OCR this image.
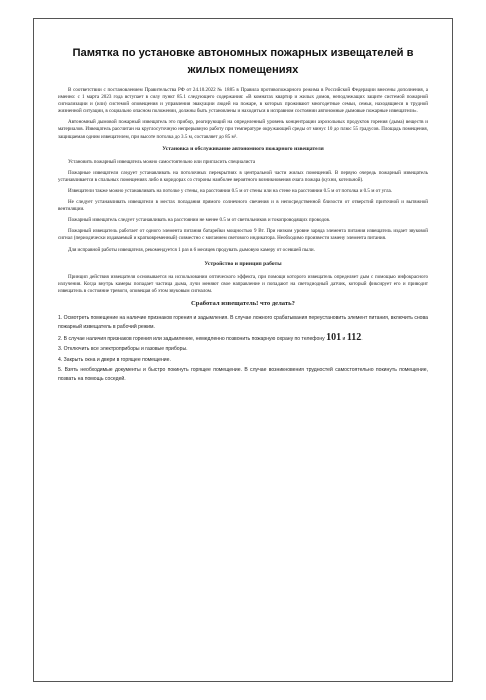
Памятка по установке автономных пожарных извещателей в жилых помещениях

В соответствии с постановлением Правительства РФ от 24.10.2022 № 1885 в Правила противопожарного режима в Российской Федерации внесены дополнения, а именно: с 1 марта 2023 года вступает в силу пункт 85.1 следующего содержания: «В комнатах квартир и жилых домов, неподлежащих защите системой пожарной сигнализации и (или) системой оповещения и управления эвакуации людей на пожаре, в которых проживают многодетные семьи, семьи, находящиеся в трудной жизненной ситуации, в социально опасном положении, должны быть установлены и находиться в исправном состоянии автономные дымовые пожарные извещатели».

Автономный дымовой пожарный извещатель это прибор, реагирующий на определенный уровень концентрации аэрозольных продуктов горения (дыма) веществ и материалов. Извещатель рассчитан на круглосуточную непрерывную работу при температуре окружающей среды от минус 10 до плюс 55 градусов. Площадь помещения, защищаемая одним извещателем, при высоте потолка до 3.5 м, составляет до 85 м².

Установка и обслуживание автономного пожарного извещателя

Установить пожарный извещатель можно самостоятельно или пригласить специалиста

Пожарные извещатели следует устанавливать на потолочных перекрытиях в центральной части жилых помещений. В первую очередь пожарный извещатель устанавливается в спальных помещениях либо в коридорах со стороны наиболее вероятного возникновения очага пожара (кухни, котельной).

Извещатели также можно устанавливать на потолке у стены, на расстоянии 0.5 м от стены или на стене на расстоянии 0.5 м от потолка и 0.5 м от угла.

Не следует устанавливать извещатели в местах попадания прямого солнечного свечения и в непосредственной близости от отверстий приточной и вытяжной вентиляции.

Пожарный извещатель следует устанавливать на расстоянии не менее 0.5 м от светильников и токопроводящих проводов.

Пожарный извещатель работает от одного элемента питания батарейки мощностью 9 Вт. При низком уровне заряда элемента питания извещатель издает звуковой сигнал (периодически издаваемый и кратковременный) совместно с миганием светового индикатора. Необходимо произвести замену элемента питания.

Для исправной работы извещателя, рекомендуется 1 раз в 6 месяцев продувать дымовую камеру от осевшей пыли.

Устройство и принцип работы

Принцип действия извещателя основывается на использовании оптического эффекта, при помощи которого извещатель определяет дым с помощью инфокрасного излучения. Когда внутрь камеры попадает частица дыма, лучи меняют свое направление и попадают на светодиодный датчик, который фиксирует его и приводит извещатель в состояние тревоги, оповещая об этом звуковым сигналом.

Сработал извещатель! что делать?
1. Осмотреть помещение на наличие признаков горения и задымления. В случае ложного срабатывания переустановить элемент питания, включить снова пожарный извещатель в рабочий режим.
2. В случае наличия признаков горения или задымление, немедленно позвонить пожарную охрану по телефону 101 и 112.
3. Отключить все электроприборы и газовые приборы.
4. Закрыть окна и двери в горящее помещение.
5. Взять необходимые документы и быстро покинуть горящее помещение. В случае возникновения трудностей самостоятельно покинуть помещение, позвать на помощь соседей.
